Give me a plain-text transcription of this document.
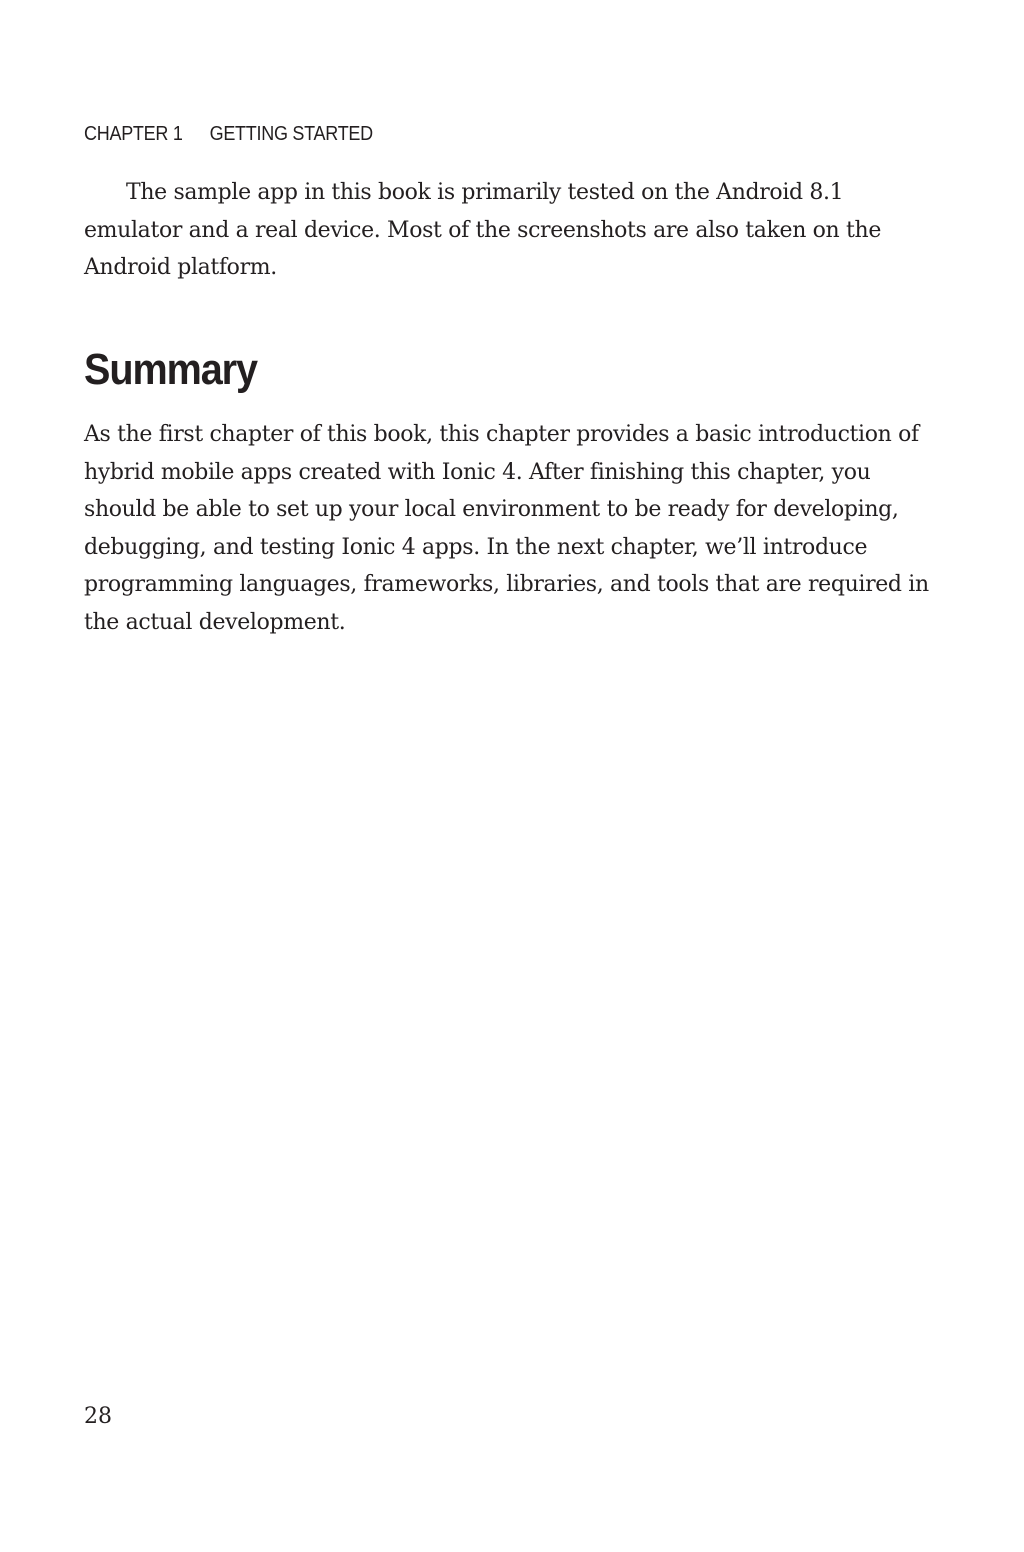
CHAPTER 1 GETTING STARTED

The sample app in this book is primarily tested on the Android 8.1 emulator and a real device. Most of the screenshots are also taken on the Android platform.

Summary

As the first chapter of this book, this chapter provides a basic introduction of hybrid mobile apps created with Ionic 4. After finishing this chapter, you should be able to set up your local environment to be ready for developing, debugging, and testing Ionic 4 apps. In the next chapter, we’ll introduce programming languages, frameworks, libraries, and tools that are required in the actual development.

28
